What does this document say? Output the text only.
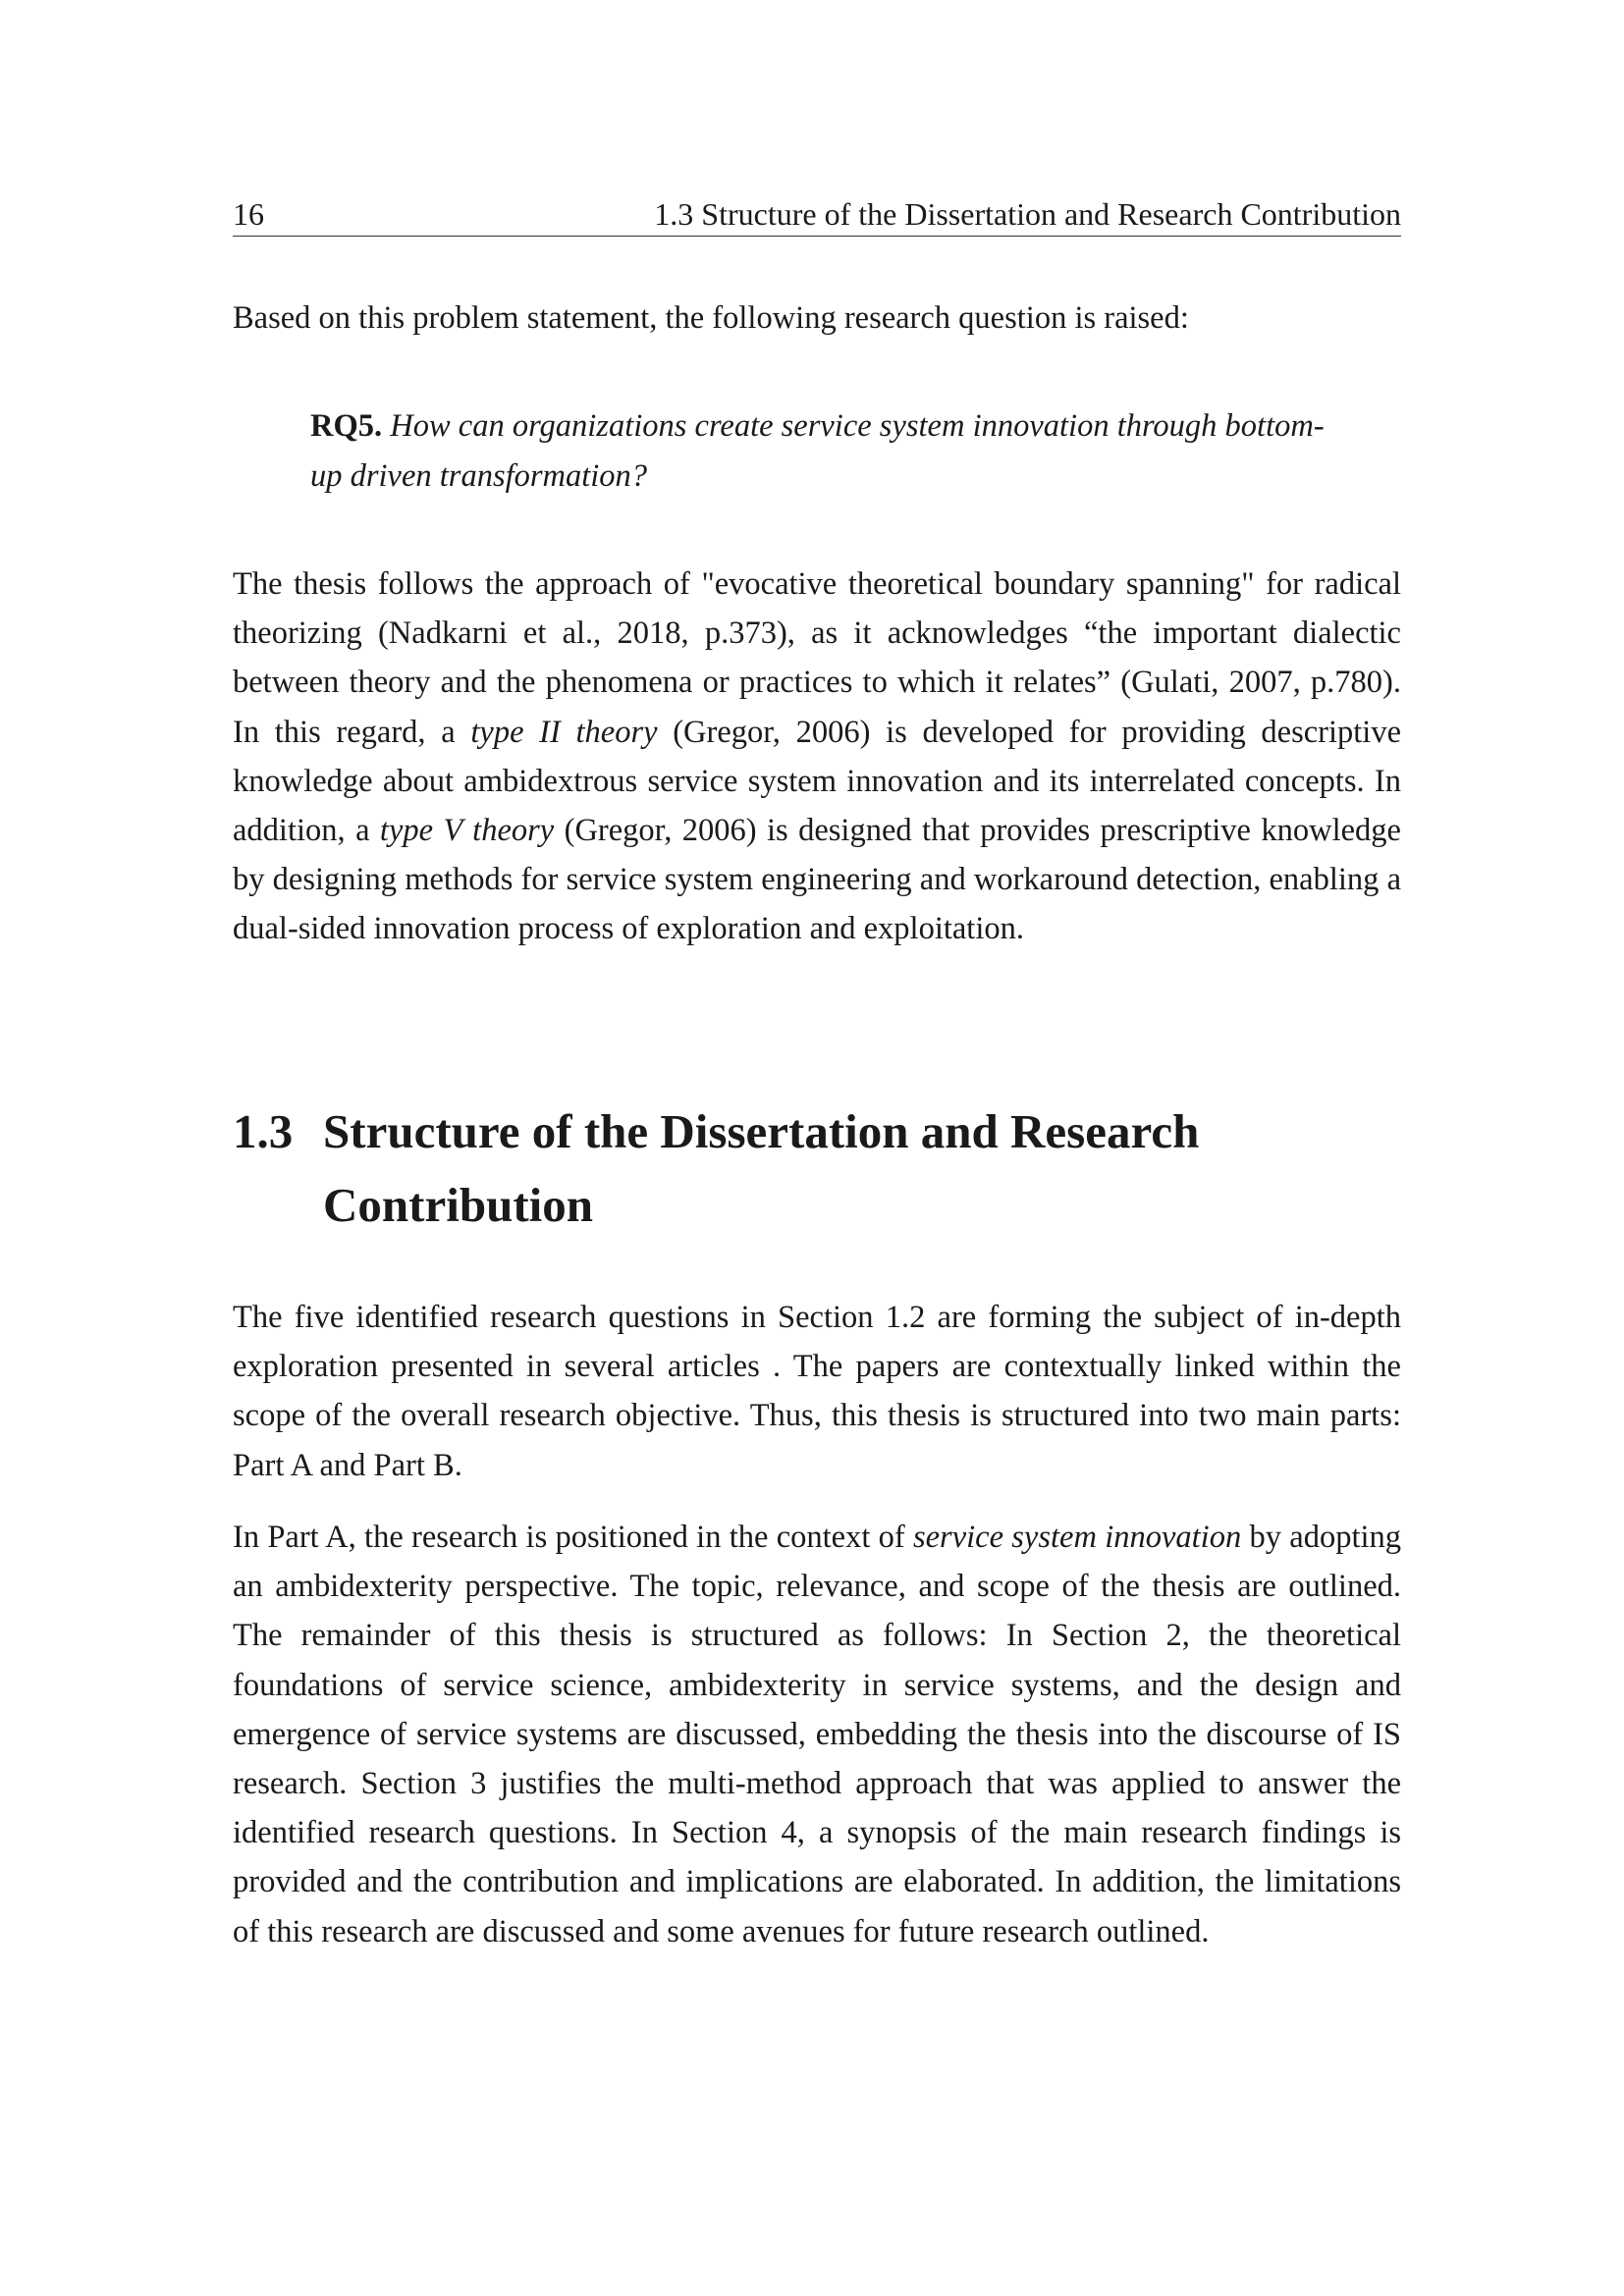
16	1.3 Structure of the Dissertation and Research Contribution

Based on this problem statement, the following research question is raised:

RQ5. How can organizations create service system innovation through bottom-up driven transformation?

The thesis follows the approach of "evocative theoretical boundary spanning" for radical theorizing (Nadkarni et al., 2018, p.373), as it acknowledges “the important dialectic between theory and the phenomena or practices to which it relates” (Gulati, 2007, p.780). In this regard, a type II theory (Gregor, 2006) is developed for providing descriptive knowledge about ambidextrous service system innovation and its interrelated concepts. In addition, a type V theory (Gregor, 2006) is designed that provides prescriptive knowledge by designing methods for service system engineering and workaround detection, enabling a dual-sided innovation process of exploration and exploitation.

1.3 Structure of the Dissertation and Research Contribution

The five identified research questions in Section 1.2 are forming the subject of in-depth exploration presented in several articles . The papers are contextually linked within the scope of the overall research objective. Thus, this thesis is structured into two main parts: Part A and Part B.

In Part A, the research is positioned in the context of service system innovation by adopting an ambidexterity perspective. The topic, relevance, and scope of the thesis are outlined. The remainder of this thesis is structured as follows: In Section 2, the theoretical foundations of service science, ambidexterity in service systems, and the design and emergence of service systems are discussed, embedding the thesis into the discourse of IS research. Section 3 justifies the multi-method approach that was applied to answer the identified research questions. In Section 4, a synopsis of the main research findings is provided and the contribution and implications are elaborated. In addition, the limitations of this research are discussed and some avenues for future research outlined.
